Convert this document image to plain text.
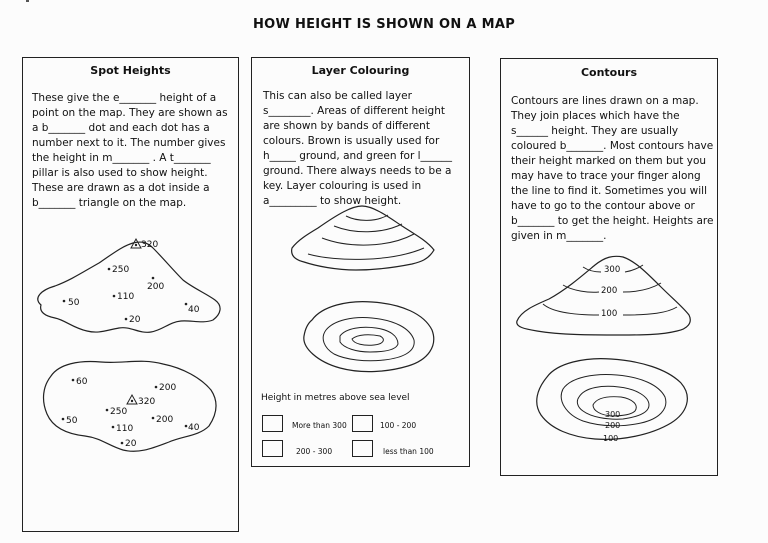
HOW HEIGHT IS SHOWN ON A MAP
Spot Heights
These give the e_______ height of a point on the map. They are shown as a b_______ dot and each dot has a number next to it. The number gives the height in m_______ . A t_______ pillar is also used to show height. These are drawn as a dot inside a b_______ triangle on the map.
320
250
200
110
50
40
20
60
200
320
250
200
50
110	40
20
Layer Colouring
This can also be called layer s________. Areas of different height are shown by bands of different colours. Brown is usually used for h_____ ground, and green for l______ ground. There always needs to be a key. Layer colouring is used in a_________ to show height.
Height in metres above sea level
More than 300	100 - 200
200 - 300	less than 100
Contours
Contours are lines drawn on a map. They join places which have the s______ height. They are usually coloured b_______. Most contours have their height marked on them but you may have to trace your finger along the line to find it. Sometimes you will have to go to the contour above or b_______ to get the height. Heights are given in m_______.
100
200
300
300
200
100
